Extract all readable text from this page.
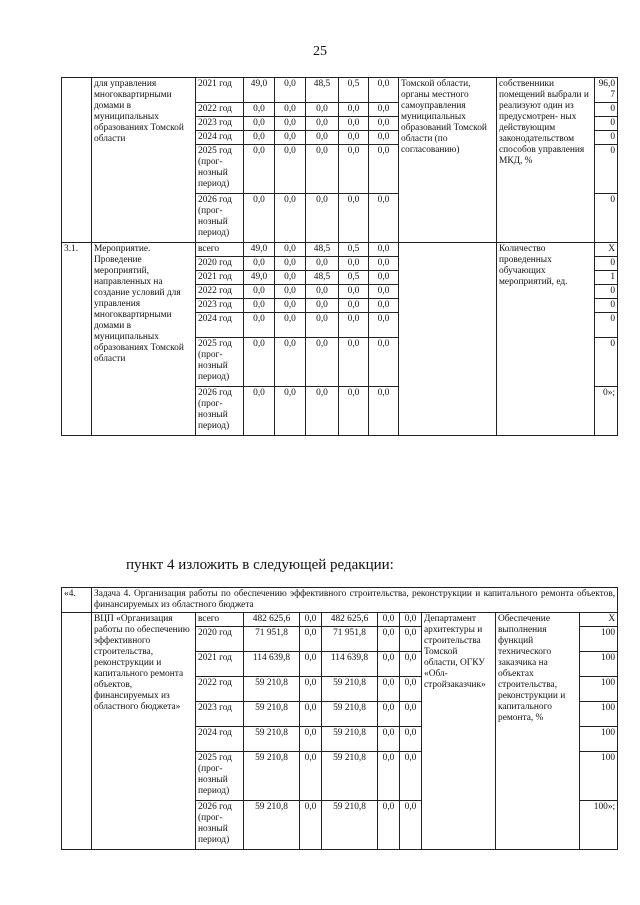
25
	для управления многоквартирными домами в муниципальных образованиях Томской области	2021 год	49,0	0,0	48,5	0,5	0,0	Томской области, органы местного самоуправления муниципальных образований Томской области (по согласованию)	собственники помещений выбрали и реализуют один из предусмотрен- ных действующим законодательством способов управления МКД, %	96,07
		2022 год	0,0	0,0	0,0	0,0	0,0			0
		2023 год	0,0	0,0	0,0	0,0	0,0			0
		2024 год	0,0	0,0	0,0	0,0	0,0			0
		2025 год (прог- нозный период)	0,0	0,0	0,0	0,0	0,0			0
		2026 год (прог- нозный период)	0,0	0,0	0,0	0,0	0,0			0
3.1.	Мероприятие. Проведение мероприятий, направленных на создание условий для управления многоквартирными домами в муниципальных образованиях Томской области	всего	49,0	0,0	48,5	0,5	0,0		Количество проведенных обучающих мероприятий, ед.	Х
		2020 год	0,0	0,0	0,0	0,0	0,0			0
		2021 год	49,0	0,0	48,5	0,5	0,0			1
		2022 год	0,0	0,0	0,0	0,0	0,0			0
		2023 год	0,0	0,0	0,0	0,0	0,0			0
		2024 год	0,0	0,0	0,0	0,0	0,0			0
		2025 год (прог- нозный период)	0,0	0,0	0,0	0,0	0,0			0
		2026 год (прог- нозный период)	0,0	0,0	0,0	0,0	0,0			0»;
пункт 4 изложить в следующей редакции:
«4.	Задача 4. Организация работы по обеспечению эффективного строительства, реконструкции и капитального ремонта объектов, финансируемых из областного бюджета									
	ВЦП «Организация работы по обеспечению эффективного строительства, реконструкции и капитального ремонта объектов, финансируемых из областного бюджета»	всего	482 625,6	0,0	482 625,6	0,0	0,0	Департамент архитектуры и строительства Томской области, ОГКУ «Обл- стройзаказчик»	Обеспечение выполнения функций технического заказчика на объектах строительства, реконструкции и капитального ремонта, %	Х
		2020 год	71 951,8	0,0	71 951,8	0,0	0,0			100
		2021 год	114 639,8	0,0	114 639,8	0,0	0,0			100
		2022 год	59 210,8	0,0	59 210,8	0,0	0,0			100
		2023 год	59 210,8	0,0	59 210,8	0,0	0,0			100
		2024 год	59 210,8	0,0	59 210,8	0,0	0,0			100
		2025 год (прог- нозный период)	59 210,8	0,0	59 210,8	0,0	0,0			100
		2026 год (прог- нозный период)	59 210,8	0,0	59 210,8	0,0	0,0			100»;
